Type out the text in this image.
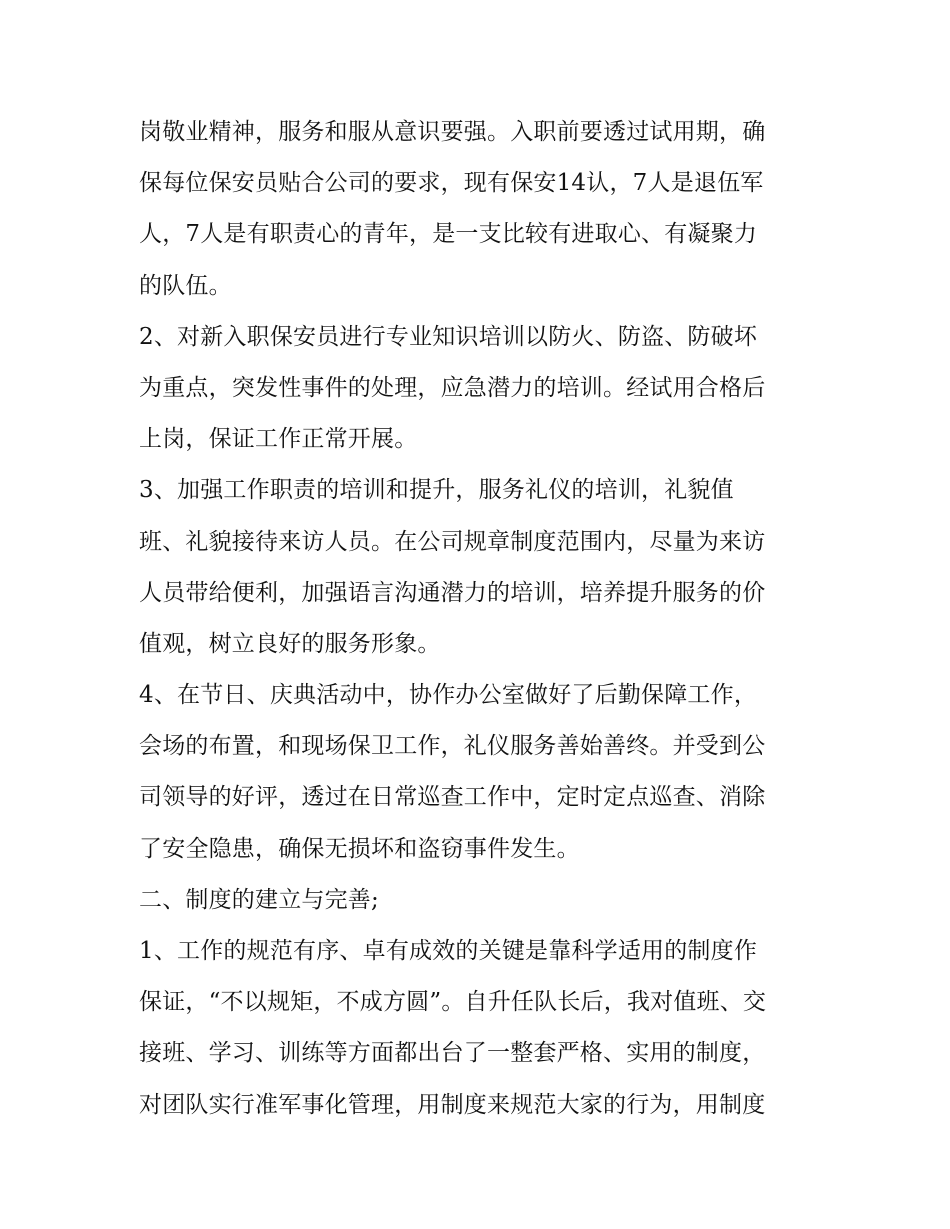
岗敬业精神，服务和服从意识要强。入职前要透过试用期，确
保每位保安员贴合公司的要求，现有保安14认，7人是退伍军
人，7人是有职责心的青年，是一支比较有进取心、有凝聚力
的队伍。
2、对新入职保安员进行专业知识培训以防火、防盗、防破坏
为重点，突发性事件的处理，应急潜力的培训。经试用合格后
上岗，保证工作正常开展。
3、加强工作职责的培训和提升，服务礼仪的培训，礼貌值
班、礼貌接待来访人员。在公司规章制度范围内，尽量为来访
人员带给便利，加强语言沟通潜力的培训，培养提升服务的价
值观，树立良好的服务形象。
4、在节日、庆典活动中，协作办公室做好了后勤保障工作，
会场的布置，和现场保卫工作，礼仪服务善始善终。并受到公
司领导的好评，透过在日常巡查工作中，定时定点巡查、消除
了安全隐患，确保无损坏和盗窃事件发生。
二、制度的建立与完善;
1、工作的规范有序、卓有成效的关键是靠科学适用的制度作
保证，“不以规矩，不成方圆”。自升任队长后，我对值班、交
接班、学习、训练等方面都出台了一整套严格、实用的制度，
对团队实行准军事化管理，用制度来规范大家的行为，用制度
